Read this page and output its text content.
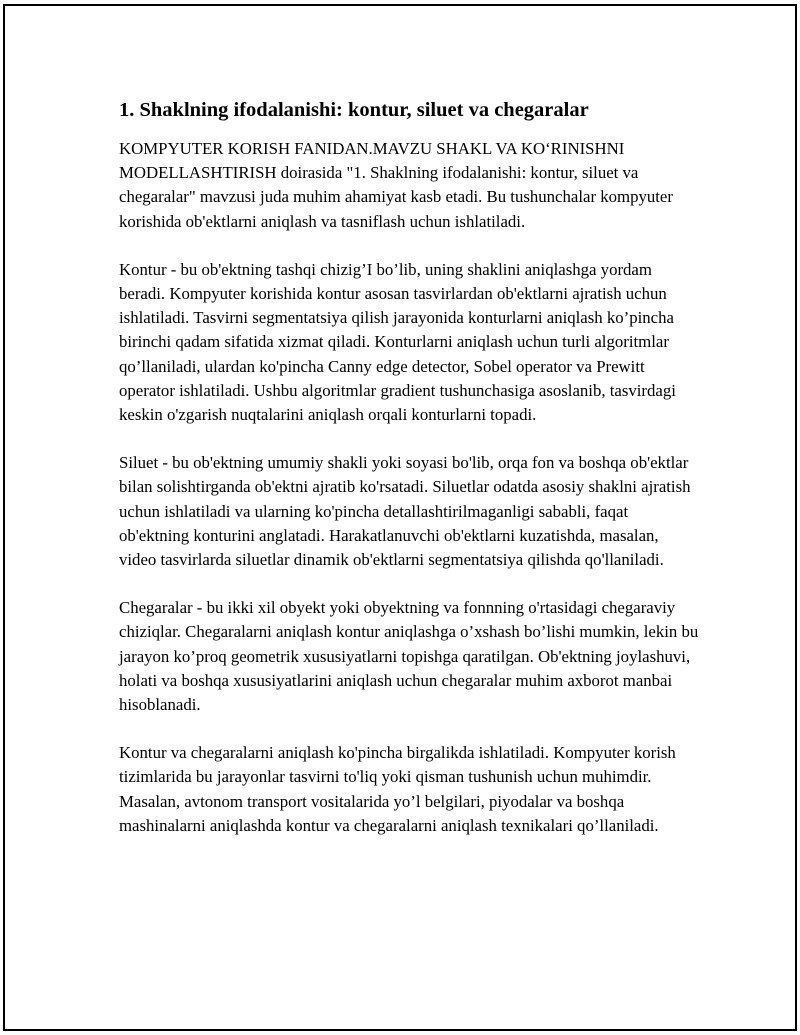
1. Shaklning ifodalanishi: kontur, siluet va chegaralar

KOMPYUTER KORISH FANIDAN.MAVZU SHAKL VA KO‘RINISHNI MODELLASHTIRISH doirasida "1. Shaklning ifodalanishi: kontur, siluet va chegaralar" mavzusi juda muhim ahamiyat kasb etadi. Bu tushunchalar kompyuter korishida ob'ektlarni aniqlash va tasniflash uchun ishlatiladi.

Kontur - bu ob'ektning tashqi chizig’I bo’lib, uning shaklini aniqlashga yordam beradi. Kompyuter korishida kontur asosan tasvirlardan ob'ektlarni ajratish uchun ishlatiladi. Tasvirni segmentatsiya qilish jarayonida konturlarni aniqlash ko’pincha birinchi qadam sifatida xizmat qiladi. Konturlarni aniqlash uchun turli algoritmlar qo’llaniladi, ulardan ko'pincha Canny edge detector, Sobel operator va Prewitt operator ishlatiladi. Ushbu algoritmlar gradient tushunchasiga asoslanib, tasvirdagi keskin o'zgarish nuqtalarini aniqlash orqali konturlarni topadi.

Siluet - bu ob'ektning umumiy shakli yoki soyasi bo'lib, orqa fon va boshqa ob'ektlar bilan solishtirganda ob'ektni ajratib ko'rsatadi. Siluetlar odatda asosiy shaklni ajratish uchun ishlatiladi va ularning ko'pincha detallashtirilmaganligi sababli, faqat ob'ektning konturini anglatadi. Harakatlanuvchi ob'ektlarni kuzatishda, masalan, video tasvirlarda siluetlar dinamik ob'ektlarni segmentatsiya qilishda qo'llaniladi.

Chegaralar - bu ikki xil obyekt yoki obyektning va fonnning o'rtasidagi chegaraviy chiziqlar. Chegaralarni aniqlash kontur aniqlashga o’xshash bo’lishi mumkin, lekin bu jarayon ko’proq geometrik xususiyatlarni topishga qaratilgan. Ob'ektning joylashuvi, holati va boshqa xususiyatlarini aniqlash uchun chegaralar muhim axborot manbai hisoblanadi.

Kontur va chegaralarni aniqlash ko'pincha birgalikda ishlatiladi. Kompyuter korish tizimlarida bu jarayonlar tasvirni to'liq yoki qisman tushunish uchun muhimdir. Masalan, avtonom transport vositalarida yo’l belgilari, piyodalar va boshqa mashinalarni aniqlashda kontur va chegaralarni aniqlash texnikalari qo’llaniladi.
